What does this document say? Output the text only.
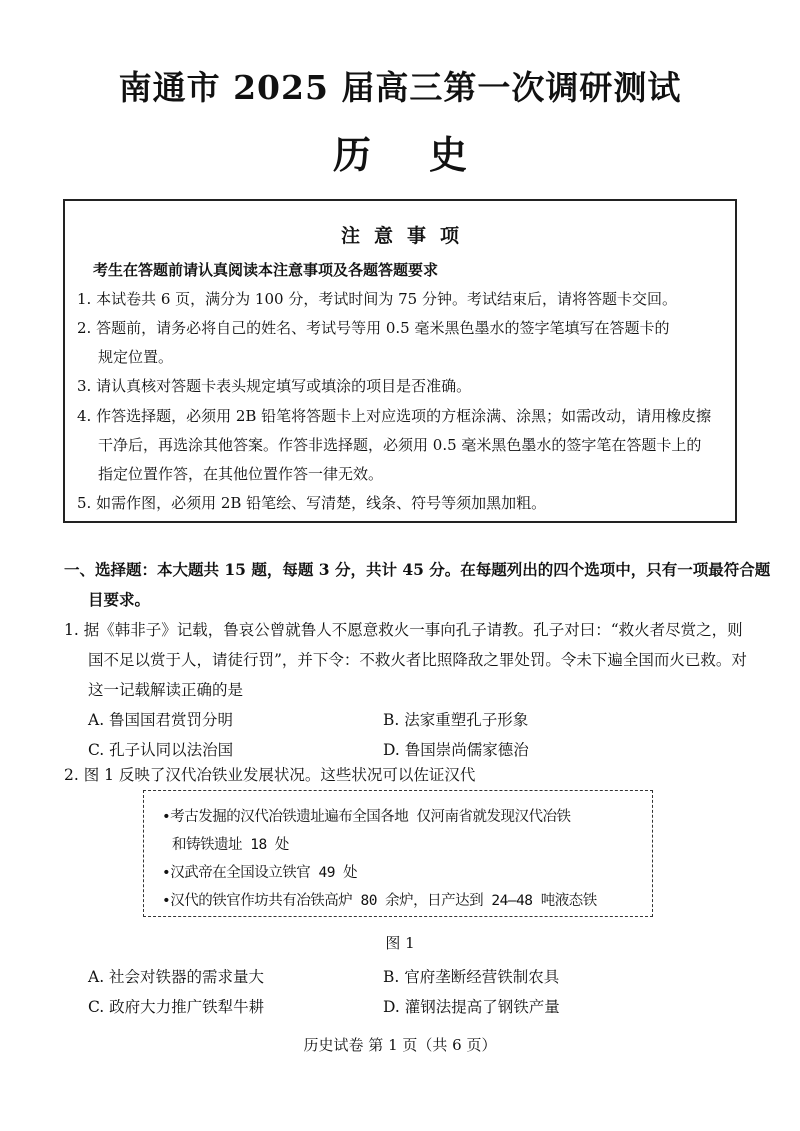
南通市 2025 届高三第一次调研测试
历史
注意事项
考生在答题前请认真阅读本注意事项及各题答题要求
1. 本试卷共 6 页，满分为 100 分，考试时间为 75 分钟。考试结束后，请将答题卡交回。
2. 答题前，请务必将自己的姓名、考试号等用 0.5 毫米黑色墨水的签字笔填写在答题卡的
规定位置。
3. 请认真核对答题卡表头规定填写或填涂的项目是否准确。
4. 作答选择题，必须用 2B 铅笔将答题卡上对应选项的方框涂满、涂黑；如需改动，请用橡皮擦
干净后，再选涂其他答案。作答非选择题，必须用 0.5 毫米黑色墨水的签字笔在答题卡上的
指定位置作答，在其他位置作答一律无效。
5. 如需作图，必须用 2B 铅笔绘、写清楚，线条、符号等须加黑加粗。
一、选择题：本大题共 15 题，每题 3 分，共计 45 分。在每题列出的四个选项中，只有一项最符合题
目要求。
1. 据《韩非子》记载，鲁哀公曾就鲁人不愿意救火一事向孔子请教。孔子对曰：“救火者尽赏之，则
国不足以赏于人，请徒行罚”，并下令：不救火者比照降敌之罪处罚。令未下遍全国而火已救。对
这一记载解读正确的是
A. 鲁国国君赏罚分明	B. 法家重塑孔子形象
C. 孔子认同以法治国	D. 鲁国崇尚儒家德治
2. 图 1 反映了汉代冶铁业发展状况。这些状况可以佐证汉代
•考古发掘的汉代冶铁遗址遍布全国各地 仅河南省就发现汉代冶铁
和铸铁遗址 18 处
•汉武帝在全国设立铁官 49 处
•汉代的铁官作坊共有冶铁高炉 80 余炉，日产达到 24—48 吨液态铁
图 1
A. 社会对铁器的需求量大	B. 官府垄断经营铁制农具
C. 政府大力推广铁犁牛耕	D. 灌钢法提高了钢铁产量
历史试卷 第 1 页（共 6 页）
